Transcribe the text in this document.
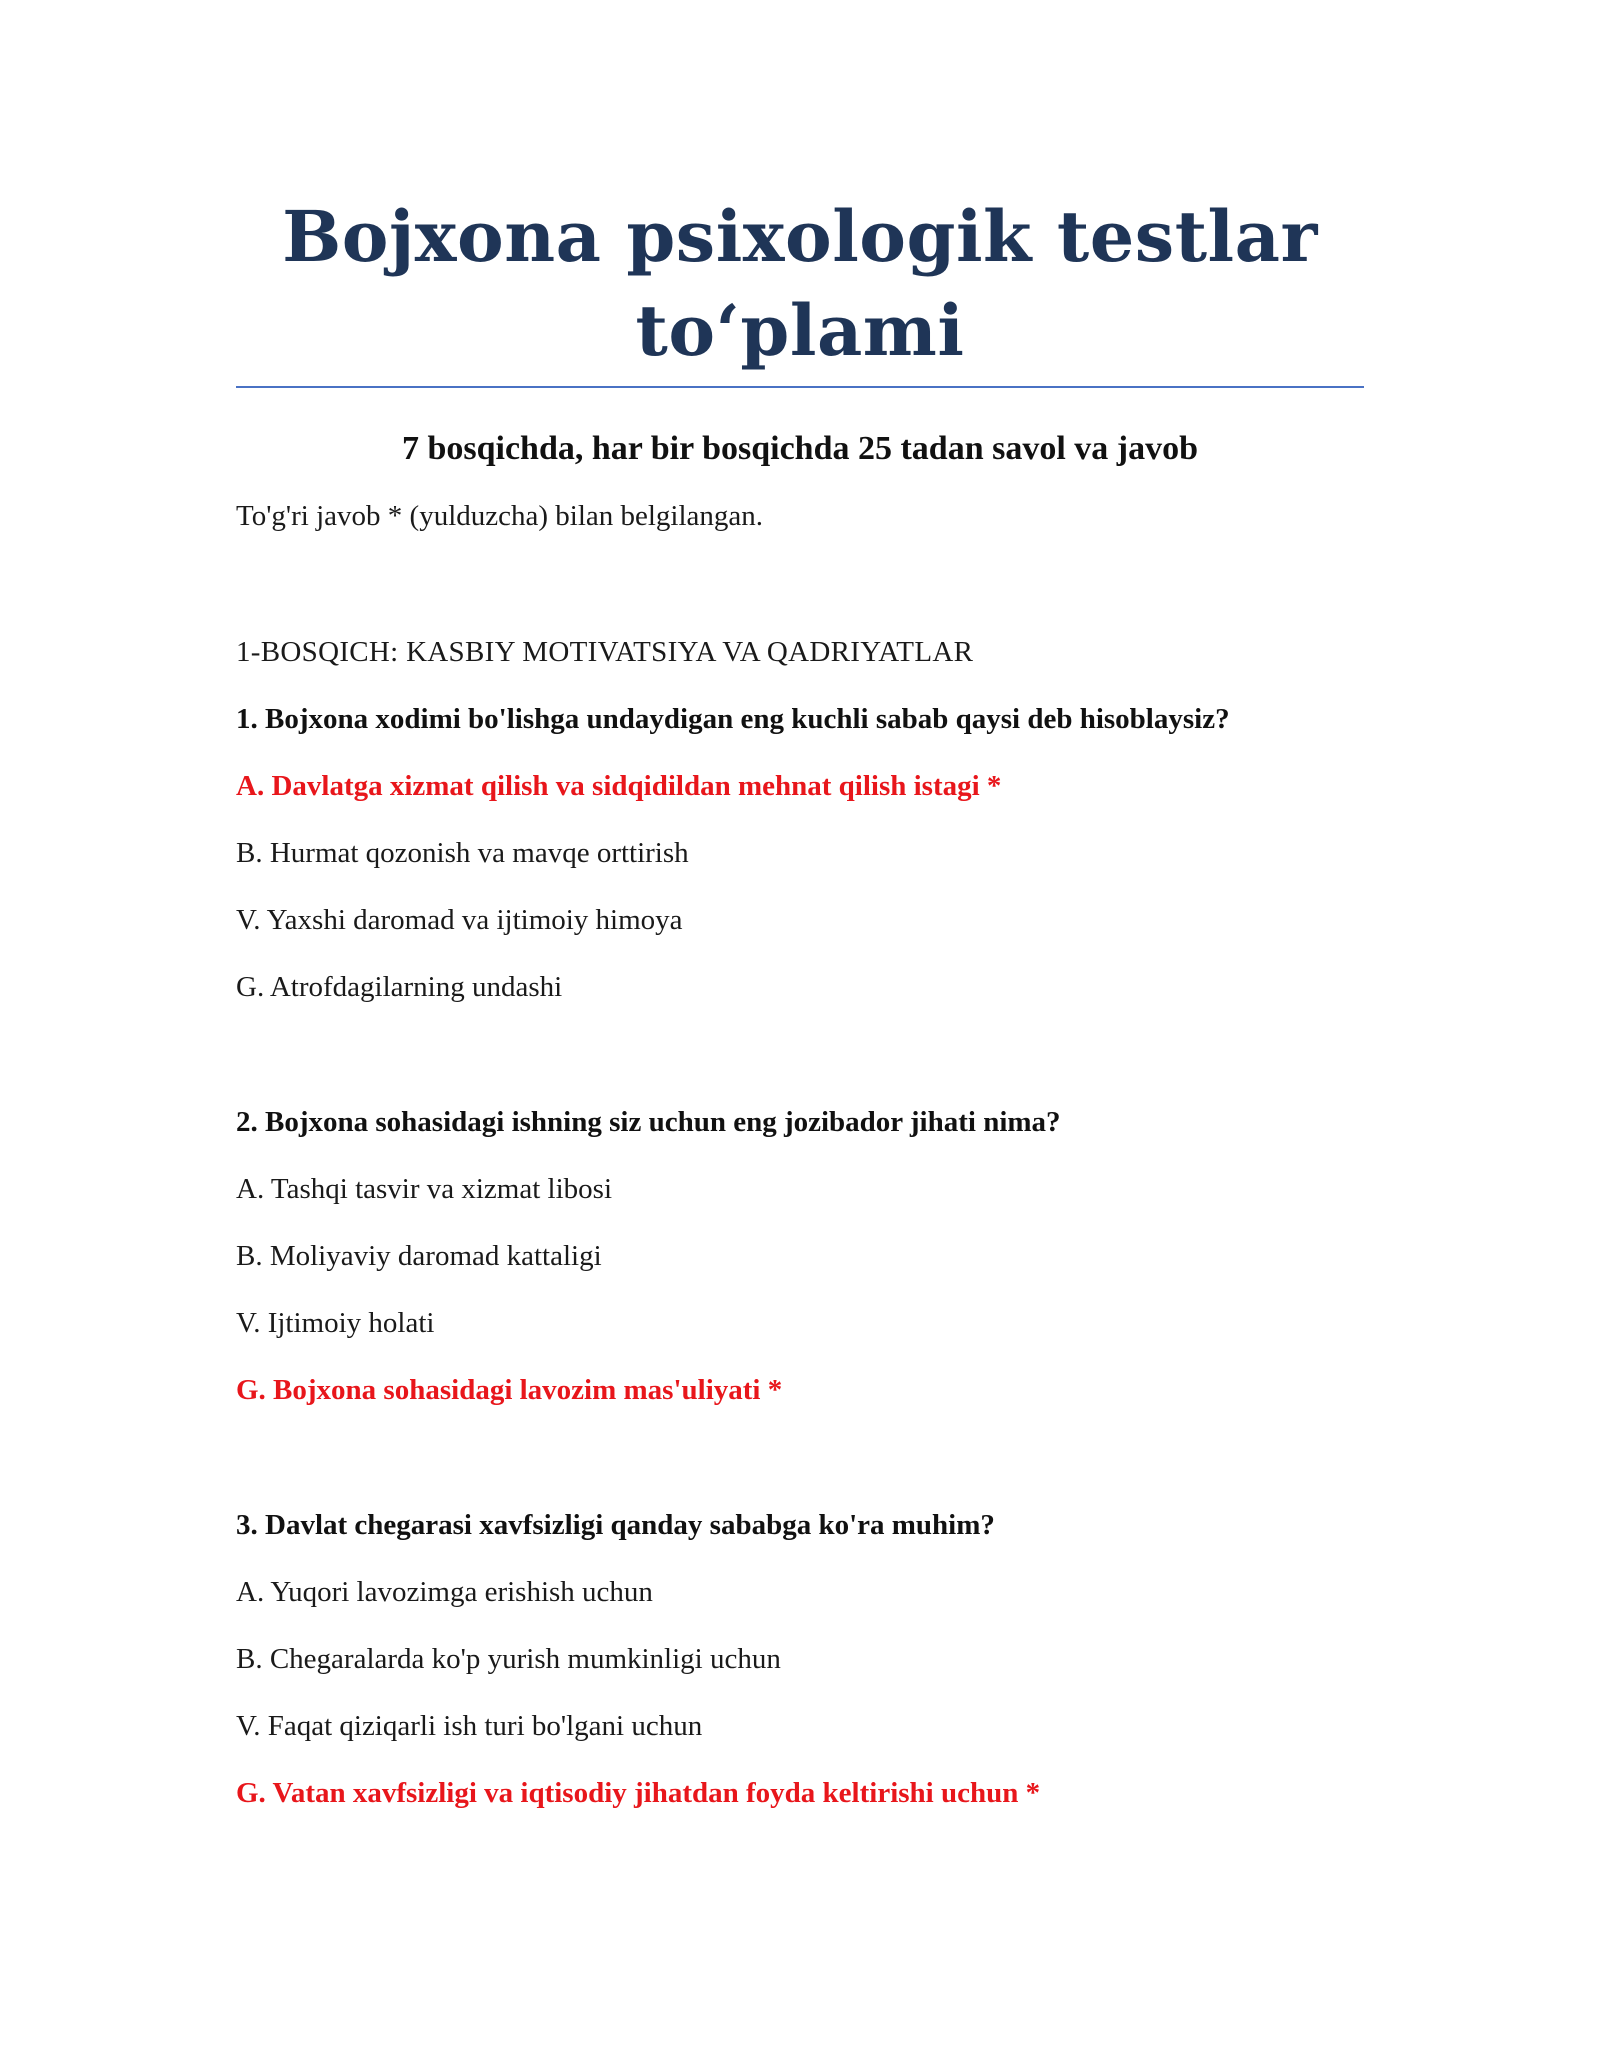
Bojxona psixologik testlar to‘plami
7 bosqichda, har bir bosqichda 25 tadan savol va javob
To'g'ri javob * (yulduzcha) bilan belgilangan.
1-BOSQICH: KASBIY MOTIVATSIYA VA QADRIYATLAR
1. Bojxona xodimi bo'lishga undaydigan eng kuchli sabab qaysi deb hisoblaysiz?
A. Davlatga xizmat qilish va sidqidildan mehnat qilish istagi *
B. Hurmat qozonish va mavqe orttirish
V. Yaxshi daromad va ijtimoiy himoya
G. Atrofdagilarning undashi
2. Bojxona sohasidagi ishning siz uchun eng jozibador jihati nima?
A. Tashqi tasvir va xizmat libosi
B. Moliyaviy daromad kattaligi
V. Ijtimoiy holati
G. Bojxona sohasidagi lavozim mas'uliyati *
3. Davlat chegarasi xavfsizligi qanday sababga ko'ra muhim?
A. Yuqori lavozimga erishish uchun
B. Chegaralarda ko'p yurish mumkinligi uchun
V. Faqat qiziqarli ish turi bo'lgani uchun
G. Vatan xavfsizligi va iqtisodiy jihatdan foyda keltirishi uchun *
